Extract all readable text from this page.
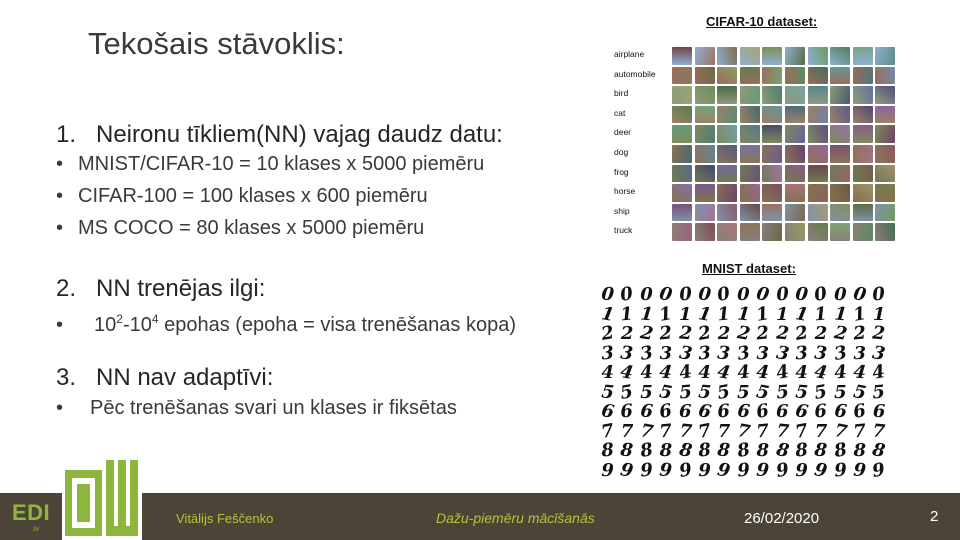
Tekošais stāvoklis:
1. Neironu tīkliem(NN) vajag daudz datu:
• MNIST/CIFAR-10 = 10 klases x 5000 piemēru
• CIFAR-100 = 100 klases x 600 piemēru
• MS COCO = 80 klases x 5000 piemēru
2. NN trenējas ilgi:
• $10^2-10^4$ epohas (epoha = visa trenēšanas kopa)
3. NN nav adaptīvi:
• Pēc trenēšanas svari un klases ir fiksētas
CIFAR-10 dataset:
airplane
automobile
bird
cat
deer
dog
frog
horse
ship
truck
MNIST dataset:
0 0 0 0 0 0 0 0 0 0 0 0 0 0 0
1 1 1 1 1 1 1 1 1 1 1 1 1 1 1
2 2 2 2 2 2 2 2 2 2 2 2 2 2 2
3 3 3 3 3 3 3 3 3 3 3 3 3 3 3
4 4 4 4 4 4 4 4 4 4 4 4 4 4 4
5 5 5 5 5 5 5 5 5 5 5 5 5 5 5
6 6 6 6 6 6 6 6 6 6 6 6 6 6 6
7 7 7 7 7 7 7 7 7 7 7 7 7 7 7
8 8 8 8 8 8 8 8 8 8 8 8 8 8 8
9 9 9 9 9 9 9 9 9 9 9 9 9 9 9
Vitālijs Feščenko	Dažu-piemēru mācīšanās	26/02/2020	2
EDI
.lv
